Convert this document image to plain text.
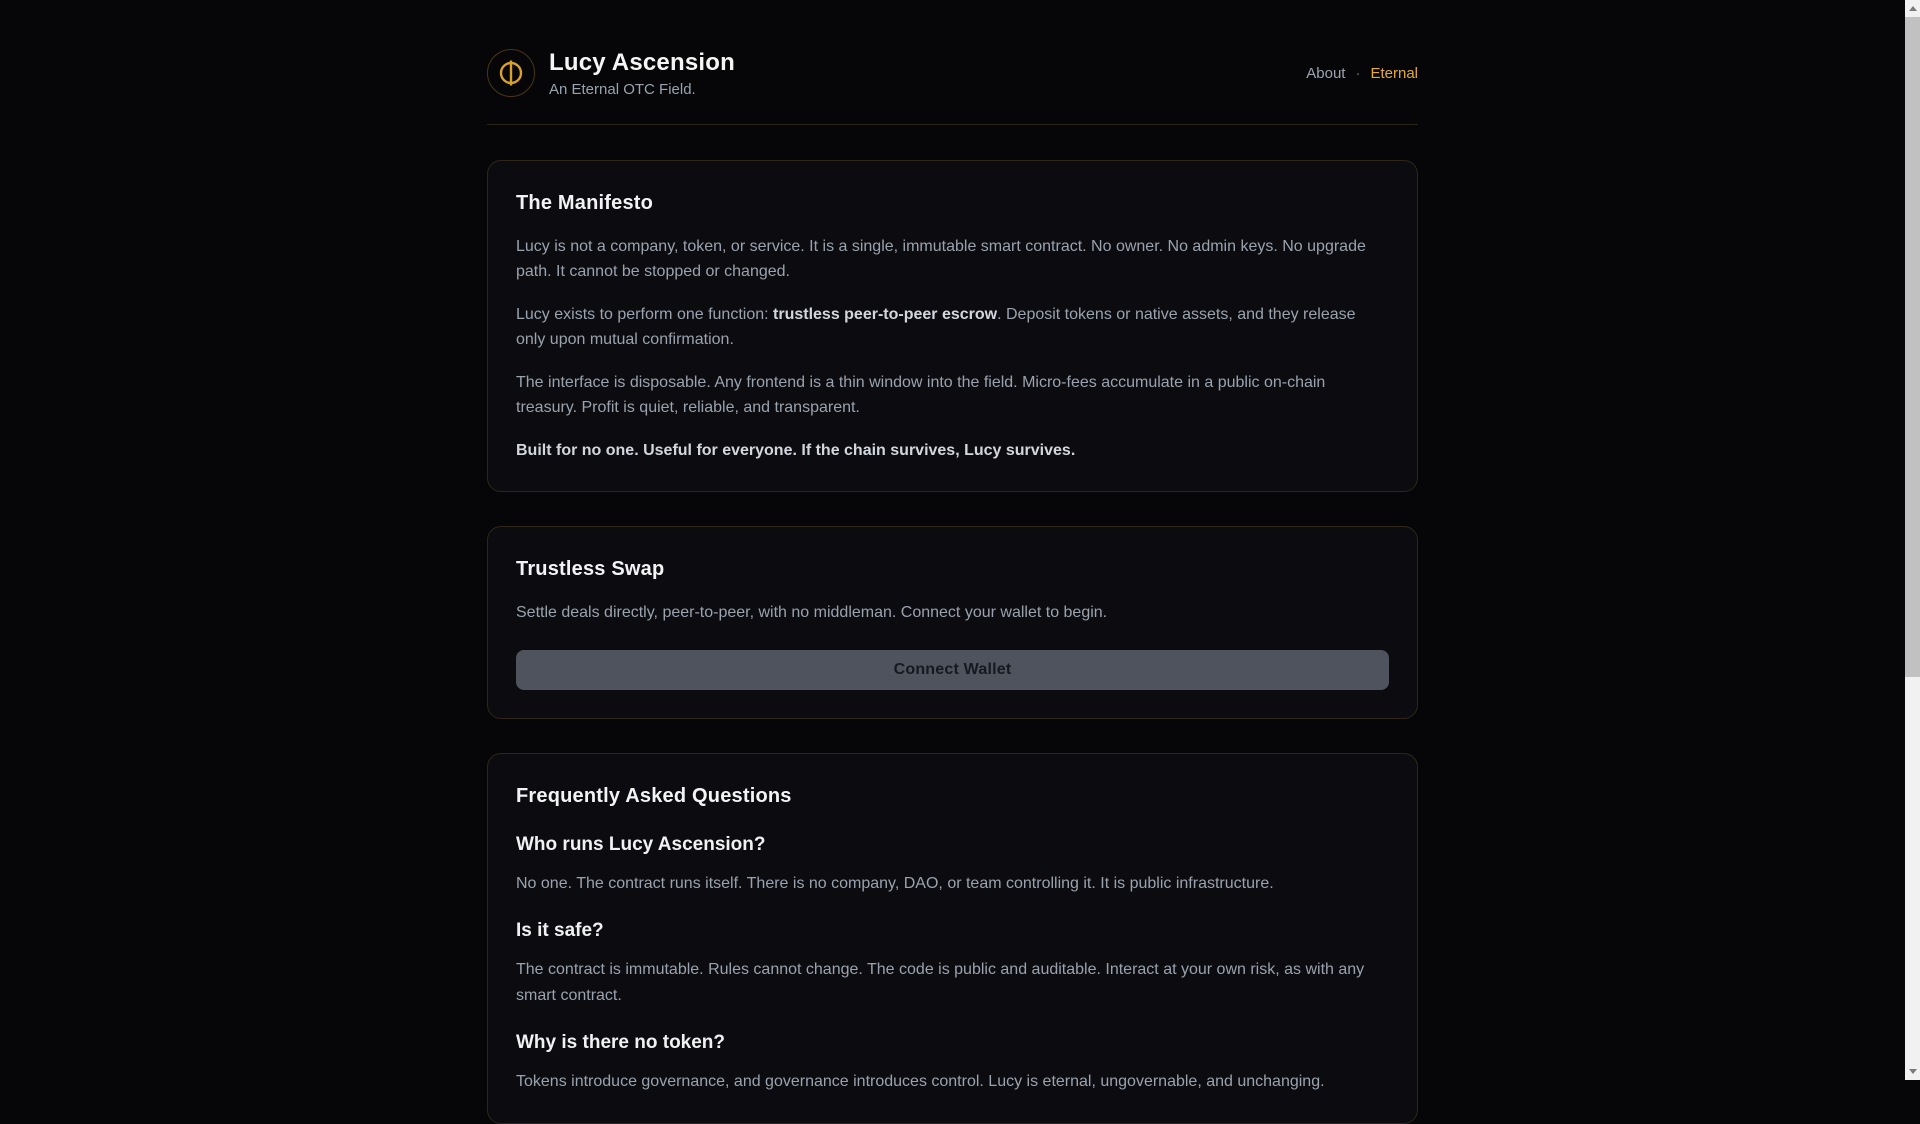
Lucy Ascension
An Eternal OTC Field.
About · Eternal
The Manifesto

Lucy is not a company, token, or service. It is a single, immutable smart contract. No owner. No admin keys. No upgrade path. It cannot be stopped or changed.

Lucy exists to perform one function: trustless peer-to-peer escrow. Deposit tokens or native assets, and they release only upon mutual confirmation.

The interface is disposable. Any frontend is a thin window into the field. Micro-fees accumulate in a public on-chain treasury. Profit is quiet, reliable, and transparent.

Built for no one. Useful for everyone. If the chain survives, Lucy survives.

Trustless Swap

Settle deals directly, peer-to-peer, with no middleman. Connect your wallet to begin.

Connect Wallet
Frequently Asked Questions
Who runs Lucy Ascension?

No one. The contract runs itself. There is no company, DAO, or team controlling it. It is public infrastructure.

Is it safe?

The contract is immutable. Rules cannot change. The code is public and auditable. Interact at your own risk, as with any smart contract.

Why is there no token?

Tokens introduce governance, and governance introduces control. Lucy is eternal, ungovernable, and unchanging.
